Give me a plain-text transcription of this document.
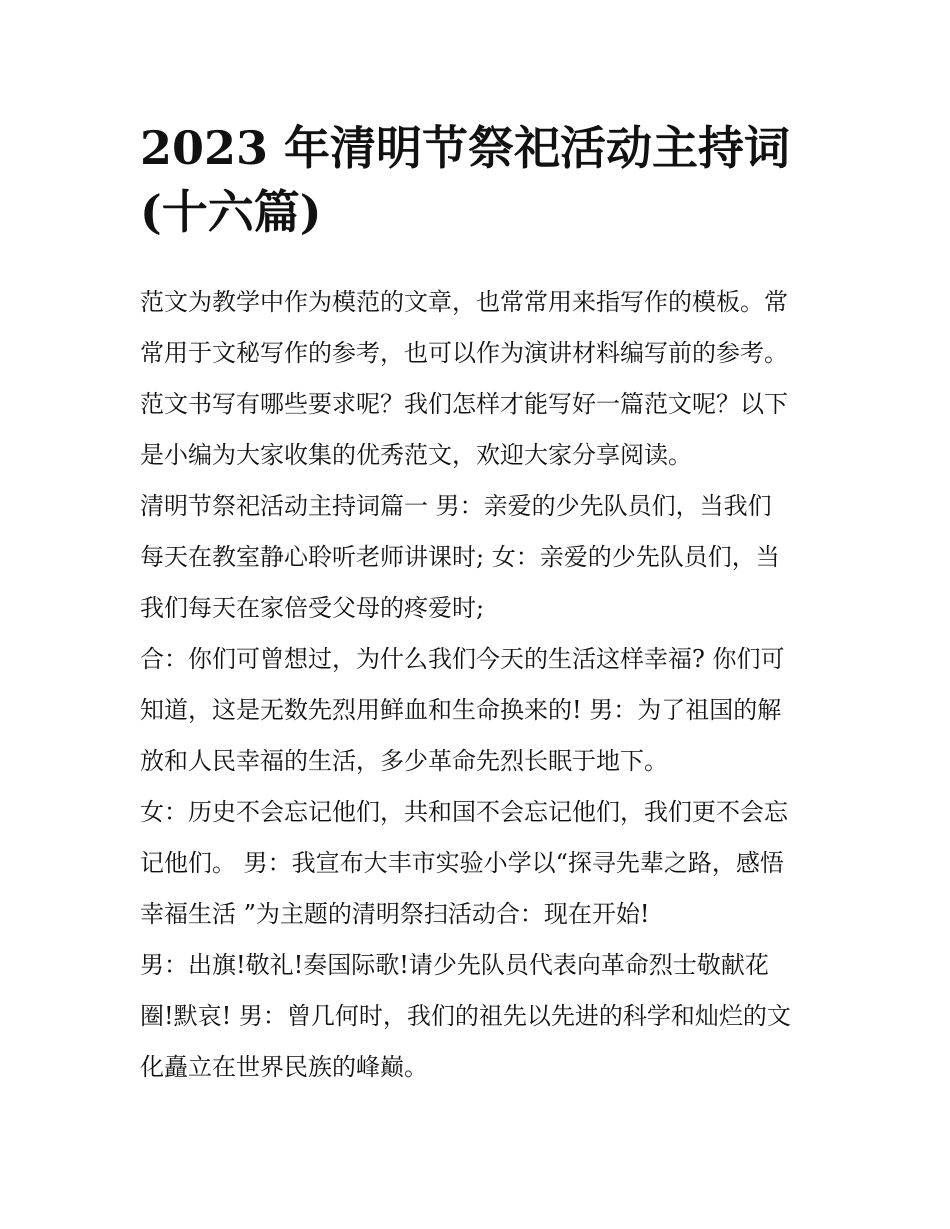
2023 年清明节祭祀活动主持词
(十六篇)
范文为教学中作为模范的文章，也常常用来指写作的模板。常
常用于文秘写作的参考，也可以作为演讲材料编写前的参考。
范文书写有哪些要求呢？我们怎样才能写好一篇范文呢？以下
是小编为大家收集的优秀范文，欢迎大家分享阅读。
清明节祭祀活动主持词篇一 男：亲爱的少先队员们，当我们
每天在教室静心聆听老师讲课时; 女：亲爱的少先队员们，当
我们每天在家倍受父母的疼爱时;
合：你们可曾想过，为什么我们今天的生活这样幸福? 你们可
知道，这是无数先烈用鲜血和生命换来的! 男：为了祖国的解
放和人民幸福的生活，多少革命先烈长眠于地下。
女：历史不会忘记他们，共和国不会忘记他们，我们更不会忘
记他们。 男：我宣布大丰市实验小学以“探寻先辈之路，感悟
幸福生活 ”为主题的清明祭扫活动合：现在开始!
男：出旗!敬礼!奏国际歌!请少先队员代表向革命烈士敬献花
圈!默哀! 男：曾几何时，我们的祖先以先进的科学和灿烂的文
化矗立在世界民族的峰巅。
